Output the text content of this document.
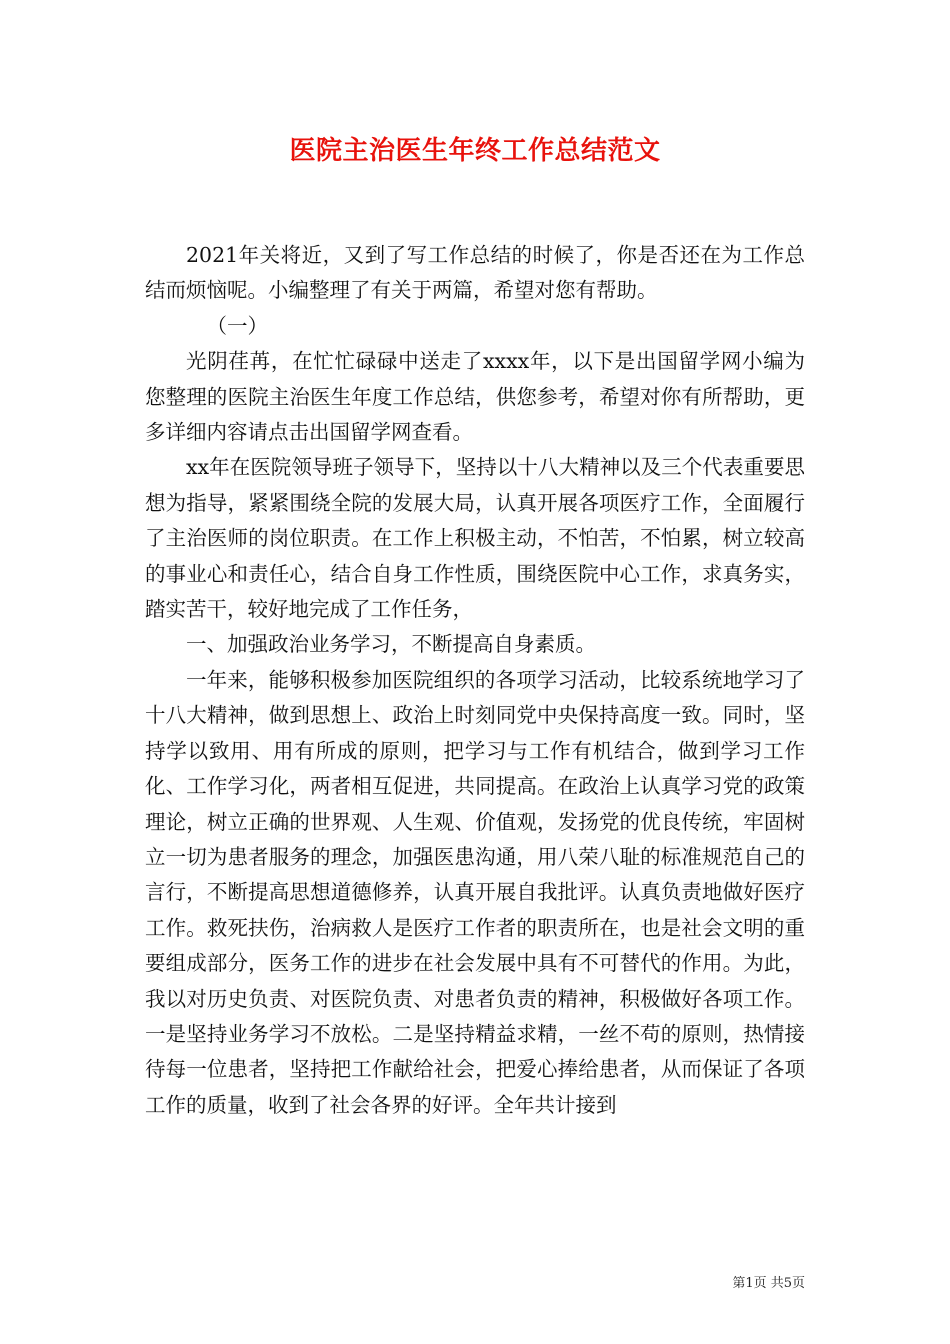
医院主治医生年终工作总结范文

2021年关将近，又到了写工作总结的时候了，你是否还在为工作总结而烦恼呢。小编整理了有关于两篇，希望对您有帮助。

（一）

光阴荏苒，在忙忙碌碌中送走了xxxx年，以下是出国留学网小编为您整理的医院主治医生年度工作总结，供您参考，希望对你有所帮助，更多详细内容请点击出国留学网查看。

xx年在医院领导班子领导下，坚持以十八大精神以及三个代表重要思想为指导，紧紧围绕全院的发展大局，认真开展各项医疗工作，全面履行了主治医师的岗位职责。在工作上积极主动，不怕苦，不怕累，树立较高的事业心和责任心，结合自身工作性质，围绕医院中心工作，求真务实，踏实苦干，较好地完成了工作任务，

一、加强政治业务学习，不断提高自身素质。

一年来，能够积极参加医院组织的各项学习活动，比较系统地学习了十八大精神，做到思想上、政治上时刻同党中央保持高度一致。同时，坚持学以致用、用有所成的原则，把学习与工作有机结合，做到学习工作化、工作学习化，两者相互促进，共同提高。在政治上认真学习党的政策理论，树立正确的世界观、人生观、价值观，发扬党的优良传统，牢固树立一切为患者服务的理念，加强医患沟通，用八荣八耻的标准规范自己的言行，不断提高思想道德修养，认真开展自我批评。认真负责地做好医疗工作。救死扶伤，治病救人是医疗工作者的职责所在，也是社会文明的重要组成部分，医务工作的进步在社会发展中具有不可替代的作用。为此，我以对历史负责、对医院负责、对患者负责的精神，积极做好各项工作。一是坚持业务学习不放松。二是坚持精益求精，一丝不苟的原则，热情接待每一位患者，坚持把工作献给社会，把爱心捧给患者，从而保证了各项工作的质量，收到了社会各界的好评。全年共计接到

第1页 共5页
